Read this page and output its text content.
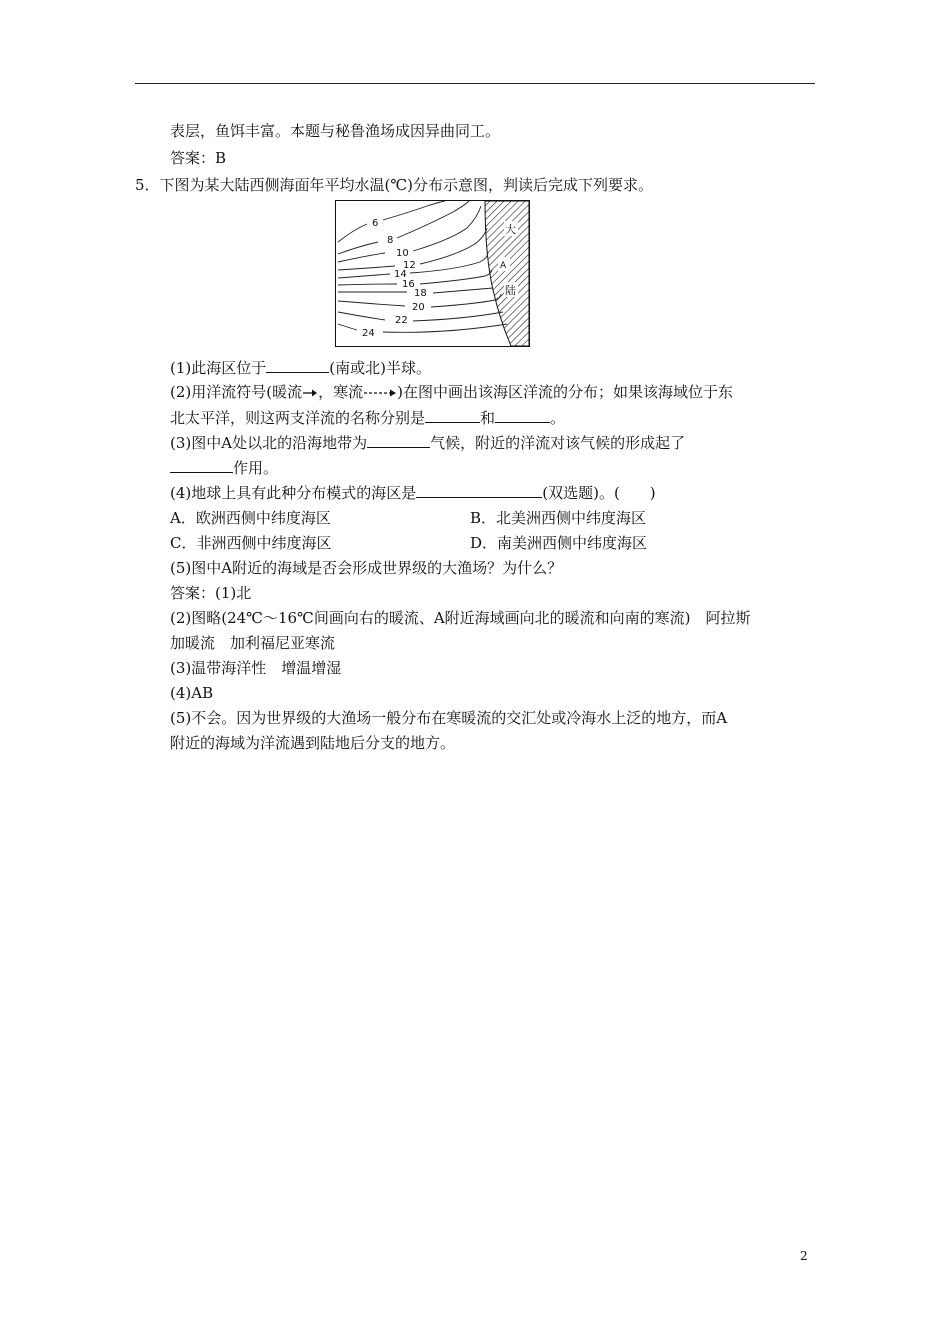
表层，鱼饵丰富。本题与秘鲁渔场成因异曲同工。
答案：B
5．下图为某大陆西侧海面年平均水温(℃)分布示意图，判读后完成下列要求。
6
8
10
12
14
16
18
20
22
24
大
A
陆
(1)此海区位于	(南或北)半球。
(2)用洋流符号(暖流 ，寒流 )在图中画出该海区洋流的分布；如果该海域位于东
北太平洋，则这两支洋流的名称分别是	和	。
(3)图中A处以北的沿海地带为	气候，附近的洋流对该气候的形成起了
作用。
(4)地球上具有此种分布模式的海区是	(双选题)。(　　)
A．欧洲西侧中纬度海区	B．北美洲西侧中纬度海区
C．非洲西侧中纬度海区	D．南美洲西侧中纬度海区
(5)图中A附近的海域是否会形成世界级的大渔场？为什么？
答案：(1)北
(2)图略(24℃～16℃间画向右的暖流、A附近海域画向北的暖流和向南的寒流)　阿拉斯
加暖流　加利福尼亚寒流
(3)温带海洋性　增温增湿
(4)AB
(5)不会。因为世界级的大渔场一般分布在寒暖流的交汇处或冷海水上泛的地方，而A
附近的海域为洋流遇到陆地后分支的地方。
2
